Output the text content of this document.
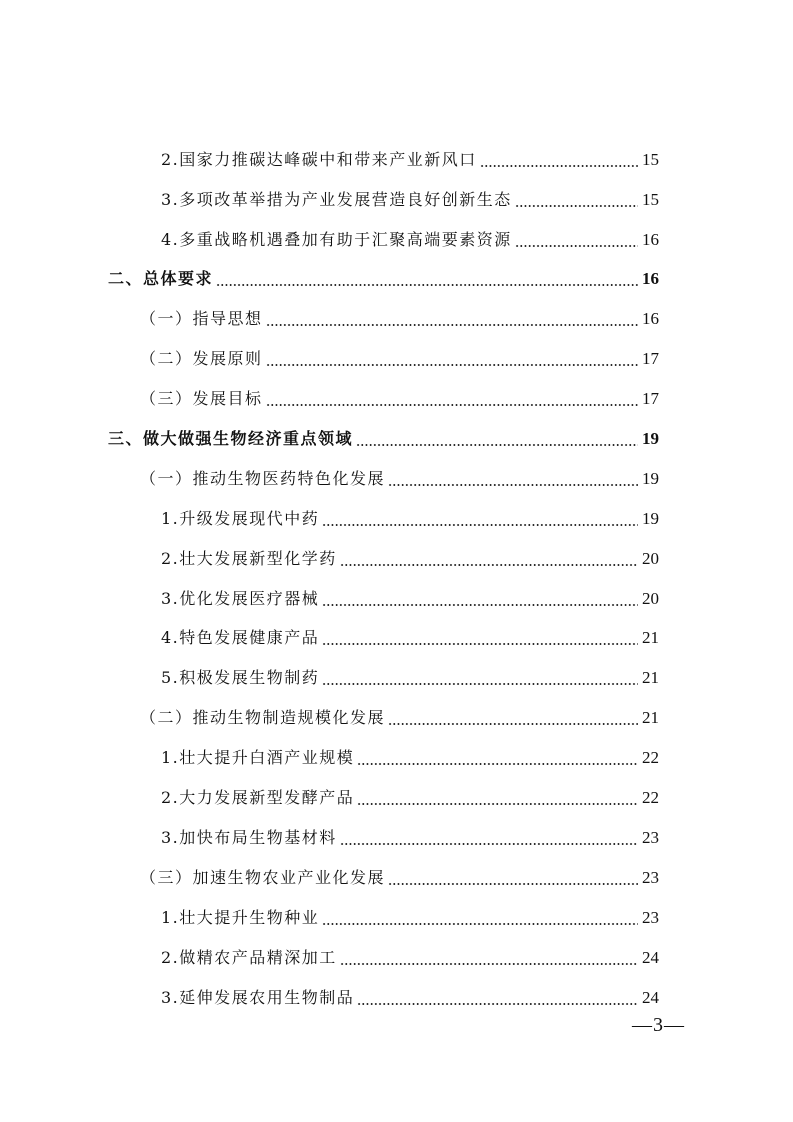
2.国家力推碳达峰碳中和带来产业新风口	15
3.多项改革举措为产业发展营造良好创新生态	15
4.多重战略机遇叠加有助于汇聚高端要素资源	16
二、总体要求	16
（一）指导思想	16
（二）发展原则	17
（三）发展目标	17
三、做大做强生物经济重点领域	19
（一）推动生物医药特色化发展	19
1.升级发展现代中药	19
2.壮大发展新型化学药	20
3.优化发展医疗器械	20
4.特色发展健康产品	21
5.积极发展生物制药	21
（二）推动生物制造规模化发展	21
1.壮大提升白酒产业规模	22
2.大力发展新型发酵产品	22
3.加快布局生物基材料	23
（三）加速生物农业产业化发展	23
1.壮大提升生物种业	23
2.做精农产品精深加工	24
3.延伸发展农用生物制品	24
—3—
